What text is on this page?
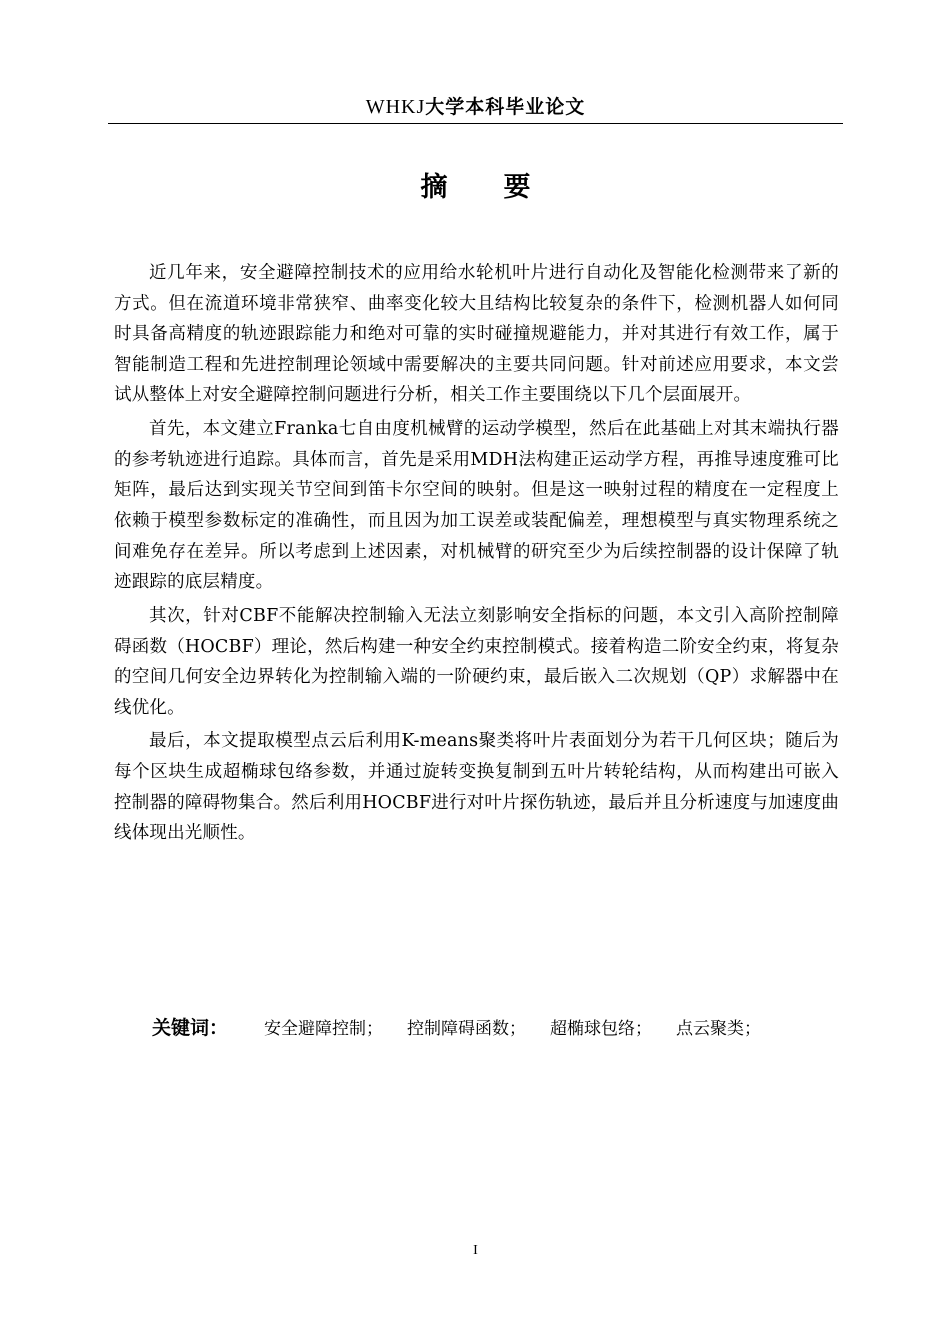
WHKJ大学本科毕业论文
摘要

近几年来，安全避障控制技术的应用给水轮机叶片进行自动化及智能化检测带来了新的方式。但在流道环境非常狭窄、曲率变化较大且结构比较复杂的条件下，检测机器人如何同时具备高精度的轨迹跟踪能力和绝对可靠的实时碰撞规避能力，并对其进行有效工作，属于智能制造工程和先进控制理论领域中需要解决的主要共同问题。针对前述应用要求，本文尝试从整体上对安全避障控制问题进行分析，相关工作主要围绕以下几个层面展开。

首先，本文建立Franka七自由度机械臂的运动学模型，然后在此基础上对其末端执行器的参考轨迹进行追踪。具体而言，首先是采用MDH法构建正运动学方程，再推导速度雅可比矩阵，最后达到实现关节空间到笛卡尔空间的映射。但是这一映射过程的精度在一定程度上依赖于模型参数标定的准确性，而且因为加工误差或装配偏差，理想模型与真实物理系统之间难免存在差异。所以考虑到上述因素，对机械臂的研究至少为后续控制器的设计保障了轨迹跟踪的底层精度。

其次，针对CBF不能解决控制输入无法立刻影响安全指标的问题，本文引入高阶控制障碍函数（HOCBF）理论，然后构建一种安全约束控制模式。接着构造二阶安全约束，将复杂的空间几何安全边界转化为控制输入端的一阶硬约束，最后嵌入二次规划（QP）求解器中在线优化。

最后，本文提取模型点云后利用K-means聚类将叶片表面划分为若干几何区块；随后为每个区块生成超椭球包络参数，并通过旋转变换复制到五叶片转轮结构，从而构建出可嵌入控制器的障碍物集合。然后利用HOCBF进行对叶片探伤轨迹，最后并且分析速度与加速度曲线体现出光顺性。

关键词： 安全避障控制； 控制障碍函数； 超椭球包络； 点云聚类；
I
